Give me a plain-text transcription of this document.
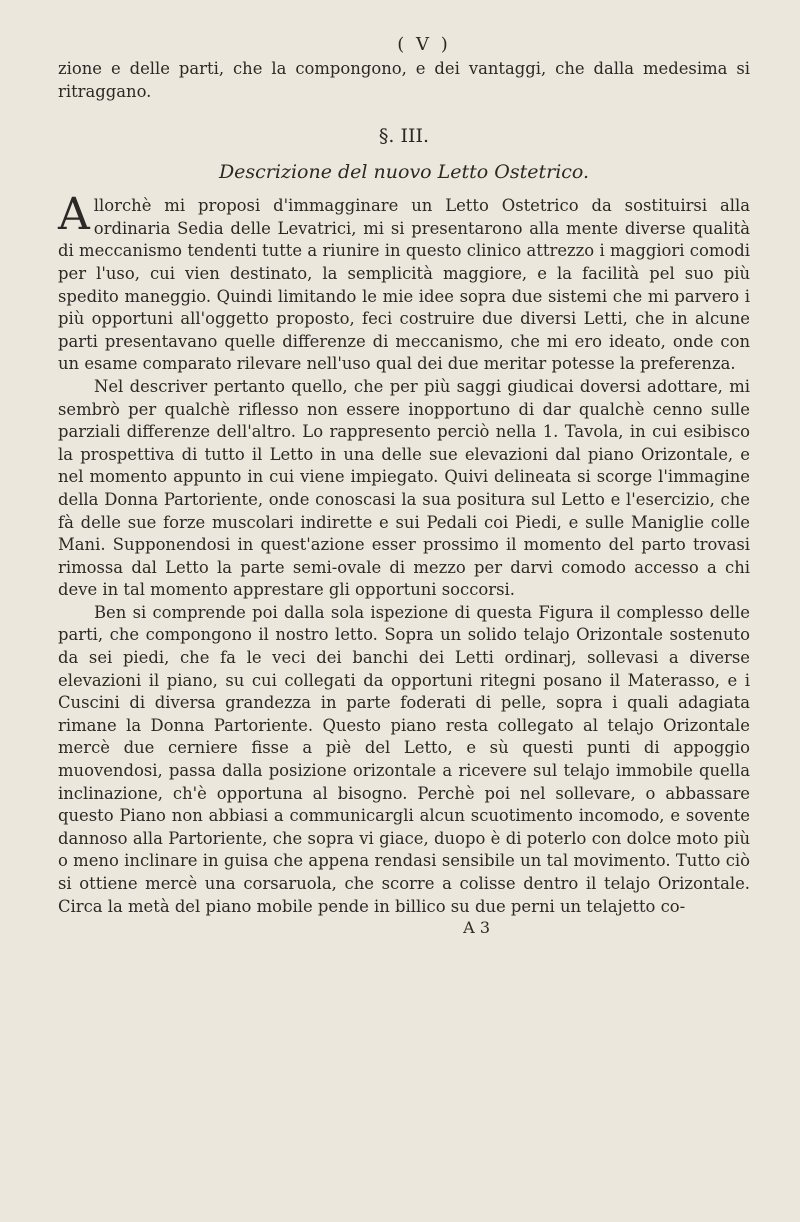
( V )

zione e delle parti, che la compongono, e dei vantaggi, che dalla medesima si ritraggano.

§. III.
Descrizione del nuovo Letto Ostetrico.

A llorchè mi proposi d'immagginare un Letto Ostetrico da sostituirsi alla ordinaria Sedia delle Levatrici, mi si presentarono alla mente diverse qualità di meccanismo tendenti tutte a riunire in questo clinico attrezzo i maggiori comodi per l'uso, cui vien destinato, la semplicità maggiore, e la facilità pel suo più spedito maneggio. Quindi limitando le mie idee sopra due sistemi che mi parvero i più opportuni all'oggetto proposto, feci costruire due diversi Letti, che in alcune parti presentavano quelle differenze di meccanismo, che mi ero ideato, onde con un esame comparato rilevare nell'uso qual dei due meritar potesse la preferenza.

Nel descriver pertanto quello, che per più saggi giudicai doversi adottare, mi sembrò per qualchè riflesso non essere inopportuno di dar qualchè cenno sulle parziali differenze dell'altro. Lo rappresento perciò nella 1. Tavola, in cui esibisco la prospettiva di tutto il Letto in una delle sue elevazioni dal piano Orizontale, e nel momento appunto in cui viene impiegato. Quivi delineata si scorge l'immagine della Donna Partoriente, onde conoscasi la sua positura sul Letto e l'esercizio, che fà delle sue forze muscolari indirette e sui Pedali coi Piedi, e sulle Maniglie colle Mani. Supponendosi in quest'azione esser prossimo il momento del parto trovasi rimossa dal Letto la parte semi-ovale di mezzo per darvi comodo accesso a chi deve in tal momento apprestare gli opportuni soccorsi.

Ben si comprende poi dalla sola ispezione di questa Figura il complesso delle parti, che compongono il nostro letto. Sopra un solido telajo Orizontale sostenuto da sei piedi, che fa le veci dei banchi dei Letti ordinarj, sollevasi a diverse elevazioni il piano, su cui collegati da opportuni ritegni posano il Materasso, e i Cuscini di diversa grandezza in parte foderati di pelle, sopra i quali adagiata rimane la Donna Partoriente. Questo piano resta collegato al telajo Orizontale mercè due cerniere fisse a piè del Letto, e sù questi punti di appoggio muovendosi, passa dalla posizione orizontale a ricevere sul telajo immobile quella inclinazione, ch'è opportuna al bisogno. Perchè poi nel sollevare, o abbassare questo Piano non abbiasi a communicargli alcun scuotimento incomodo, e sovente dannoso alla Partoriente, che sopra vi giace, duopo è di poterlo con dolce moto più o meno inclinare in guisa che appena rendasi sensibile un tal movimento. Tutto ciò si ottiene mercè una corsaruola, che scorre a colisse dentro il telajo Orizontale. Circa la metà del piano mobile pende in billico su due perni un telajetto co-

A 3
